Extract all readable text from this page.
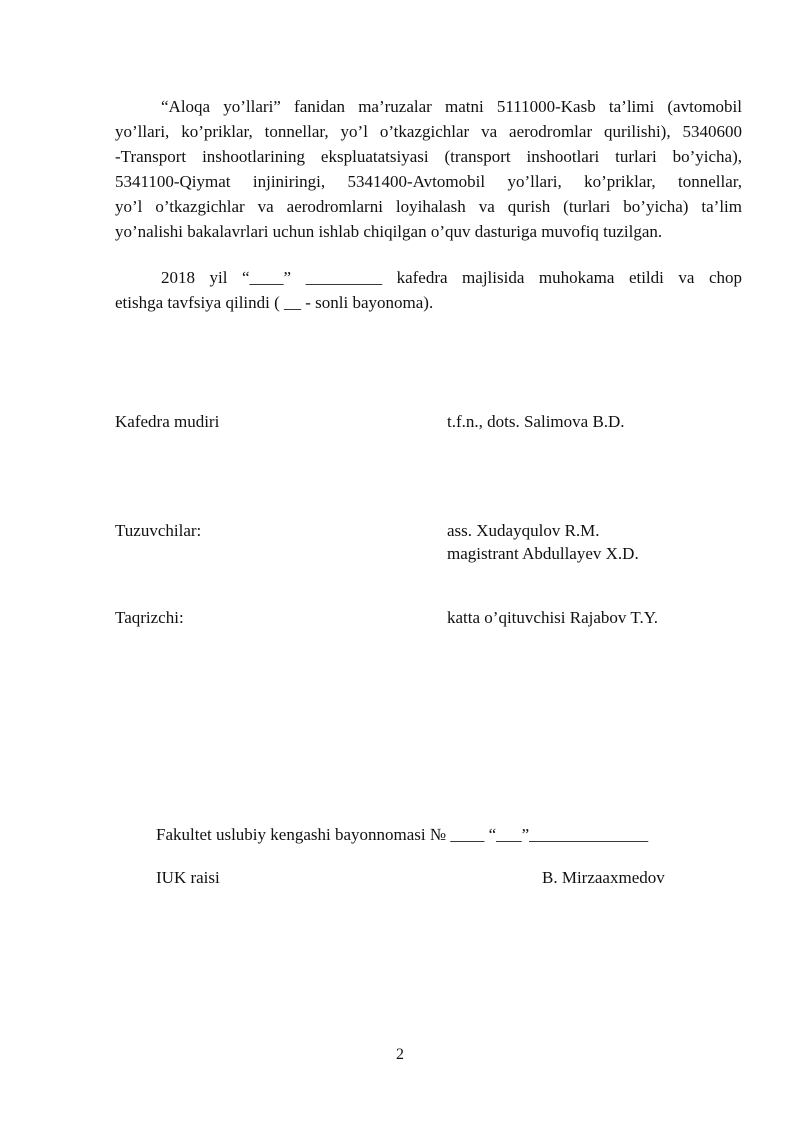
“Aloqa yo’llari” fanidan ma’ruzalar matni 5111000-Kasb ta’limi (avtomobil
yo’llari, ko’priklar, tonnellar, yo’l o’tkazgichlar va aerodromlar qurilishi), 5340600
-Transport inshootlarining ekspluatatsiyasi (transport inshootlari turlari bo’yicha),
5341100-Qiymat injiniringi, 5341400-Avtomobil yo’llari, ko’priklar, tonnellar,
yo’l o’tkazgichlar va aerodromlarni loyihalash va qurish (turlari bo’yicha) ta’lim
yo’nalishi bakalavrlari uchun ishlab chiqilgan o’quv dasturiga muvofiq tuzilgan.
2018 yil “____” _________ kafedra majlisida muhokama etildi va chop
etishga tavfsiya qilindi ( __ - sonli bayonoma).
Kafedra mudiri	t.f.n., dots. Salimova B.D.
Tuzuvchilar:	ass. Xudayqulov R.M.
magistrant Abdullayev X.D.
Taqrizchi:	katta o’qituvchisi Rajabov T.Y.
Fakultet uslubiy kengashi bayonnomasi № ____ “___”______________
IUK raisi	B. Mirzaaxmedov
2
